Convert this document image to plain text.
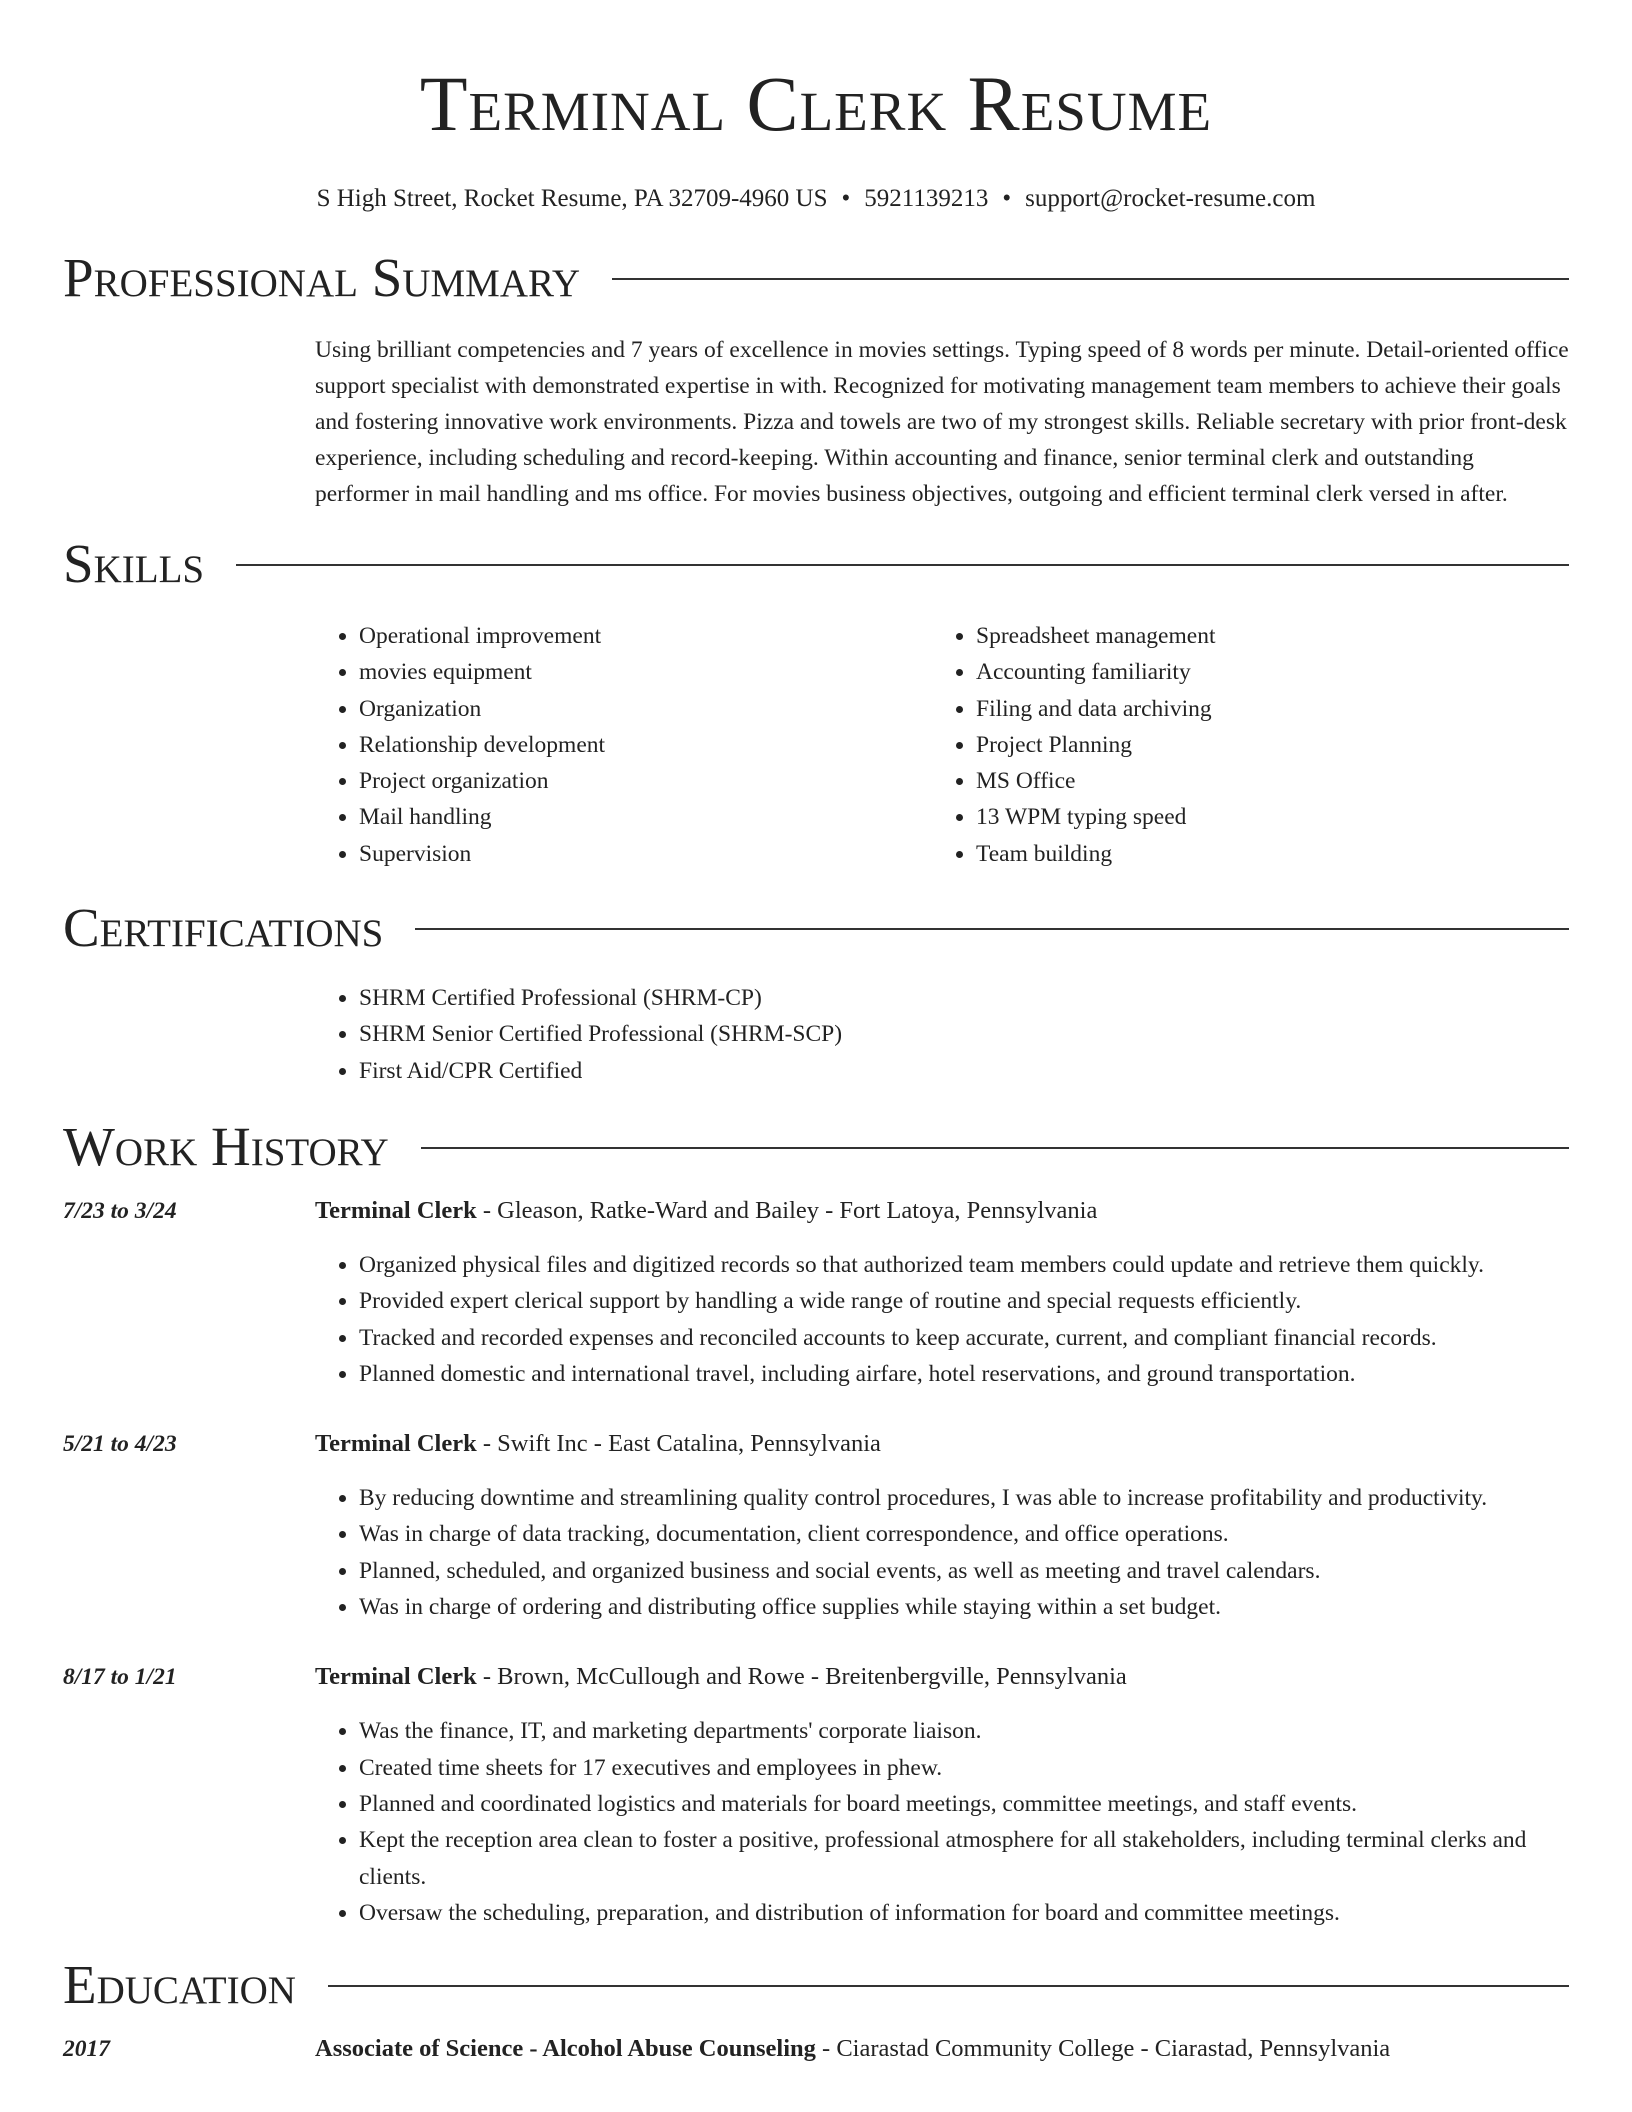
Terminal Clerk Resume
S High Street, Rocket Resume, PA 32709-4960 US • 5921139213 • support@rocket-resume.com
Professional Summary

Using brilliant competencies and 7 years of excellence in movies settings. Typing speed of 8 words per minute. Detail-oriented office support specialist with demonstrated expertise in with. Recognized for motivating management team members to achieve their goals and fostering innovative work environments. Pizza and towels are two of my strongest skills. Reliable secretary with prior front-desk experience, including scheduling and record-keeping. Within accounting and finance, senior terminal clerk and outstanding performer in mail handling and ms office. For movies business objectives, outgoing and efficient terminal clerk versed in after.

Skills
• Operational improvement
• movies equipment
• Organization
• Relationship development
• Project organization
• Mail handling
• Supervision
• Spreadsheet management
• Accounting familiarity
• Filing and data archiving
• Project Planning
• MS Office
• 13 WPM typing speed
• Team building
Certifications
• SHRM Certified Professional (SHRM-CP)
• SHRM Senior Certified Professional (SHRM-SCP)
• First Aid/CPR Certified
Work History
7/23 to 3/24	Terminal Clerk - Gleason, Ratke-Ward and Bailey - Fort Latoya, Pennsylvania
• Organized physical files and digitized records so that authorized team members could update and retrieve them quickly.
• Provided expert clerical support by handling a wide range of routine and special requests efficiently.
• Tracked and recorded expenses and reconciled accounts to keep accurate, current, and compliant financial records.
• Planned domestic and international travel, including airfare, hotel reservations, and ground transportation.
5/21 to 4/23	Terminal Clerk - Swift Inc - East Catalina, Pennsylvania
• By reducing downtime and streamlining quality control procedures, I was able to increase profitability and productivity.
• Was in charge of data tracking, documentation, client correspondence, and office operations.
• Planned, scheduled, and organized business and social events, as well as meeting and travel calendars.
• Was in charge of ordering and distributing office supplies while staying within a set budget.
8/17 to 1/21	Terminal Clerk - Brown, McCullough and Rowe - Breitenbergville, Pennsylvania
• Was the finance, IT, and marketing departments' corporate liaison.
• Created time sheets for 17 executives and employees in phew.
• Planned and coordinated logistics and materials for board meetings, committee meetings, and staff events.
• Kept the reception area clean to foster a positive, professional atmosphere for all stakeholders, including terminal clerks and clients.
• Oversaw the scheduling, preparation, and distribution of information for board and committee meetings.
Education
2017	Associate of Science - Alcohol Abuse Counseling - Ciarastad Community College - Ciarastad, Pennsylvania
